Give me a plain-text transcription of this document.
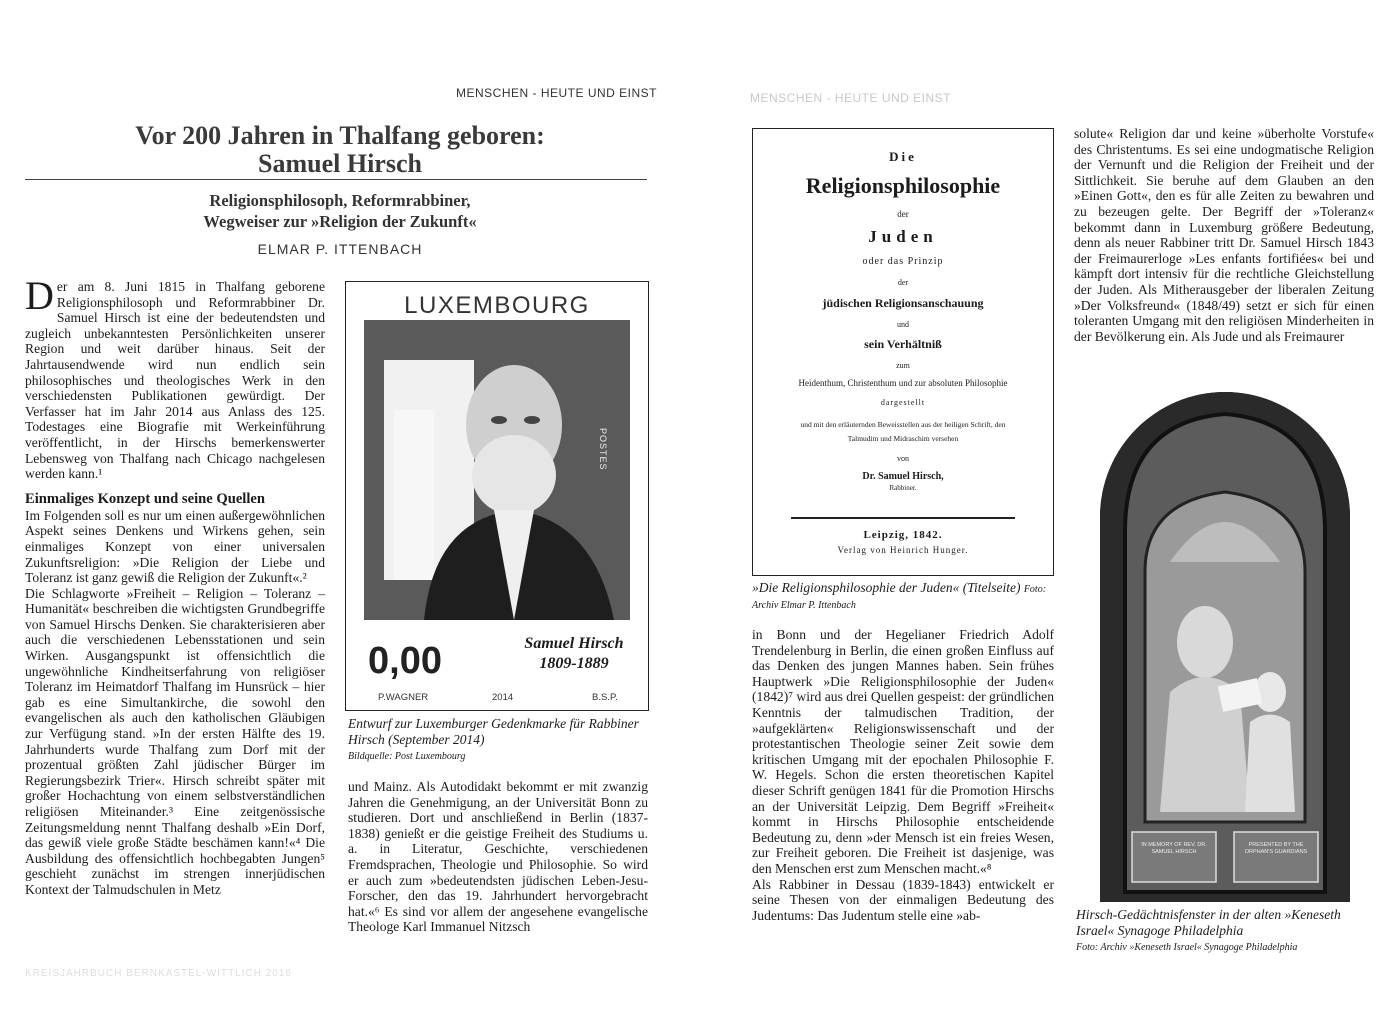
MENSCHEN - HEUTE UND EINST	MENSCHEN - HEUTE UND EINST
Vor 200 Jahren in Thalfang geboren:
Samuel Hirsch
Religionsphilosoph, Reformrabbiner,
Wegweiser zur »Religion der Zukunft«
ELMAR P. ITTENBACH

Der am 8. Juni 1815 in Thalfang geborene Religionsphilosoph und Reformrabbiner Dr. Samuel Hirsch ist eine der bedeutendsten und zugleich unbekanntesten Persönlichkeiten unserer Region und weit darüber hinaus. Seit der Jahrtausendwende wird nun endlich sein philosophisches und theologisches Werk in den verschiedensten Publikationen gewürdigt. Der Verfasser hat im Jahr 2014 aus Anlass des 125. Todestages eine Biografie mit Werkeinführung veröffentlicht, in der Hirschs bemerkenswerter Lebensweg von Thalfang nach Chicago nachgelesen werden kann.¹

Einmaliges Konzept und seine Quellen

Im Folgenden soll es nur um einen außergewöhnlichen Aspekt seines Denkens und Wirkens gehen, sein einmaliges Konzept von einer universalen Zukunftsreligion: »Die Religion der Liebe und Toleranz ist ganz gewiß die Religion der Zukunft«.²

Die Schlagworte »Freiheit – Religion – Toleranz – Humanität« beschreiben die wichtigsten Grundbegriffe von Samuel Hirschs Denken. Sie charakterisieren aber auch die verschiedenen Lebensstationen und sein Wirken. Ausgangspunkt ist offensichtlich die ungewöhnliche Kindheitserfahrung von religiöser Toleranz im Heimatdorf Thalfang im Hunsrück – hier gab es eine Simultankirche, die sowohl den evangelischen als auch den katholischen Gläubigen zur Verfügung stand. »In der ersten Hälfte des 19. Jahrhunderts wurde Thalfang zum Dorf mit der prozentual größten Zahl jüdischer Bürger im Regierungsbezirk Trier«. Hirsch schreibt später mit großer Hochachtung von einem selbstverständlichen religiösen Miteinander.³ Eine zeitgenössische Zeitungsmeldung nennt Thalfang deshalb »Ein Dorf, das gewiß viele große Städte beschämen kann!«⁴ Die Ausbildung des offensichtlich hochbegabten Jungen⁵ geschieht zunächst im strengen innerjüdischen Kontext der Talmudschulen in Metz

LUXEMBOURG
POSTES
0,00	Samuel Hirsch
1809-1889
P.WAGNER	2014	B.S.P.
Entwurf zur Luxemburger Gedenkmarke für Rabbiner Hirsch (September 2014)
Bildquelle: Post Luxembourg

und Mainz. Als Autodidakt bekommt er mit zwanzig Jahren die Genehmigung, an der Universität Bonn zu studieren. Dort und anschließend in Berlin (1837-1838) genießt er die geistige Freiheit des Studiums u. a. in Literatur, Geschichte, verschiedenen Fremdsprachen, Theologie und Philosophie. So wird er auch zum »bedeutendsten jüdischen Leben-Jesu-Forscher, den das 19. Jahrhundert hervorgebracht hat.«⁶ Es sind vor allem der angesehene evangelische Theologe Karl Immanuel Nitzsch

Die
Religionsphilosophie
der
Juden
oder das Prinzip
der
jüdischen Religionsanschauung
und
sein Verhältniß
zum
Heidenthum, Christenthum und zur absoluten Philosophie
dargestellt
und mit den erläuternden Beweisstellen aus der heiligen Schrift, den
Talmudim und Midraschim versehen
von
Dr. Samuel Hirsch,
Rabbiner.
Leipzig, 1842.
Verlag von Heinrich Hunger.
»Die Religionsphilosophie der Juden« (Titelseite) Foto: Archiv Elmar P. Ittenbach

in Bonn und der Hegelianer Friedrich Adolf Trendelenburg in Berlin, die einen großen Einfluss auf das Denken des jungen Mannes haben. Sein frühes Hauptwerk »Die Religionsphilosophie der Juden« (1842)⁷ wird aus drei Quellen gespeist: der gründlichen Kenntnis der talmudischen Tradition, der »aufgeklärten« Religionswissenschaft und der protestantischen Theologie seiner Zeit sowie dem kritischen Umgang mit der epochalen Philosophie F. W. Hegels. Schon die ersten theoretischen Kapitel dieser Schrift genügen 1841 für die Promotion Hirschs an der Universität Leipzig. Dem Begriff »Freiheit« kommt in Hirschs Philosophie entscheidende Bedeutung zu, denn »der Mensch ist ein freies Wesen, zur Freiheit geboren. Die Freiheit ist dasjenige, was den Menschen erst zum Menschen macht.«⁸

Als Rabbiner in Dessau (1839-1843) entwickelt er seine Thesen von der einmaligen Bedeutung des Judentums: Das Judentum stelle eine »ab-

solute« Religion dar und keine »überholte Vorstufe« des Christentums. Es sei eine undogmatische Religion der Vernunft und die Religion der Freiheit und der Sittlichkeit. Sie beruhe auf dem Glauben an den »Einen Gott«, den es für alle Zeiten zu bewahren und zu bezeugen gelte. Der Begriff der »Toleranz« bekommt dann in Luxemburg größere Bedeutung, denn als neuer Rabbiner tritt Dr. Samuel Hirsch 1843 der Freimaurerloge »Les enfants fortifiées« bei und kämpft dort intensiv für die rechtliche Gleichstellung der Juden. Als Mitherausgeber der liberalen Zeitung »Der Volksfreund« (1848/49) setzt er sich für einen toleranten Umgang mit den religiösen Minderheiten in der Bevölkerung ein. Als Jude und als Freimaurer

IN MEMORY OF REV. DR. SAMUEL HIRSCH
PRESENTED BY THE ORPHAN'S GUARDIANS
Hirsch-Gedächtnisfenster in der alten »Keneseth Israel« Synagoge Philadelphia
Foto: Archiv »Keneseth Israel« Synagoge Philadelphia
KREISJAHRBUCH BERNKASTEL-WITTLICH 2016
